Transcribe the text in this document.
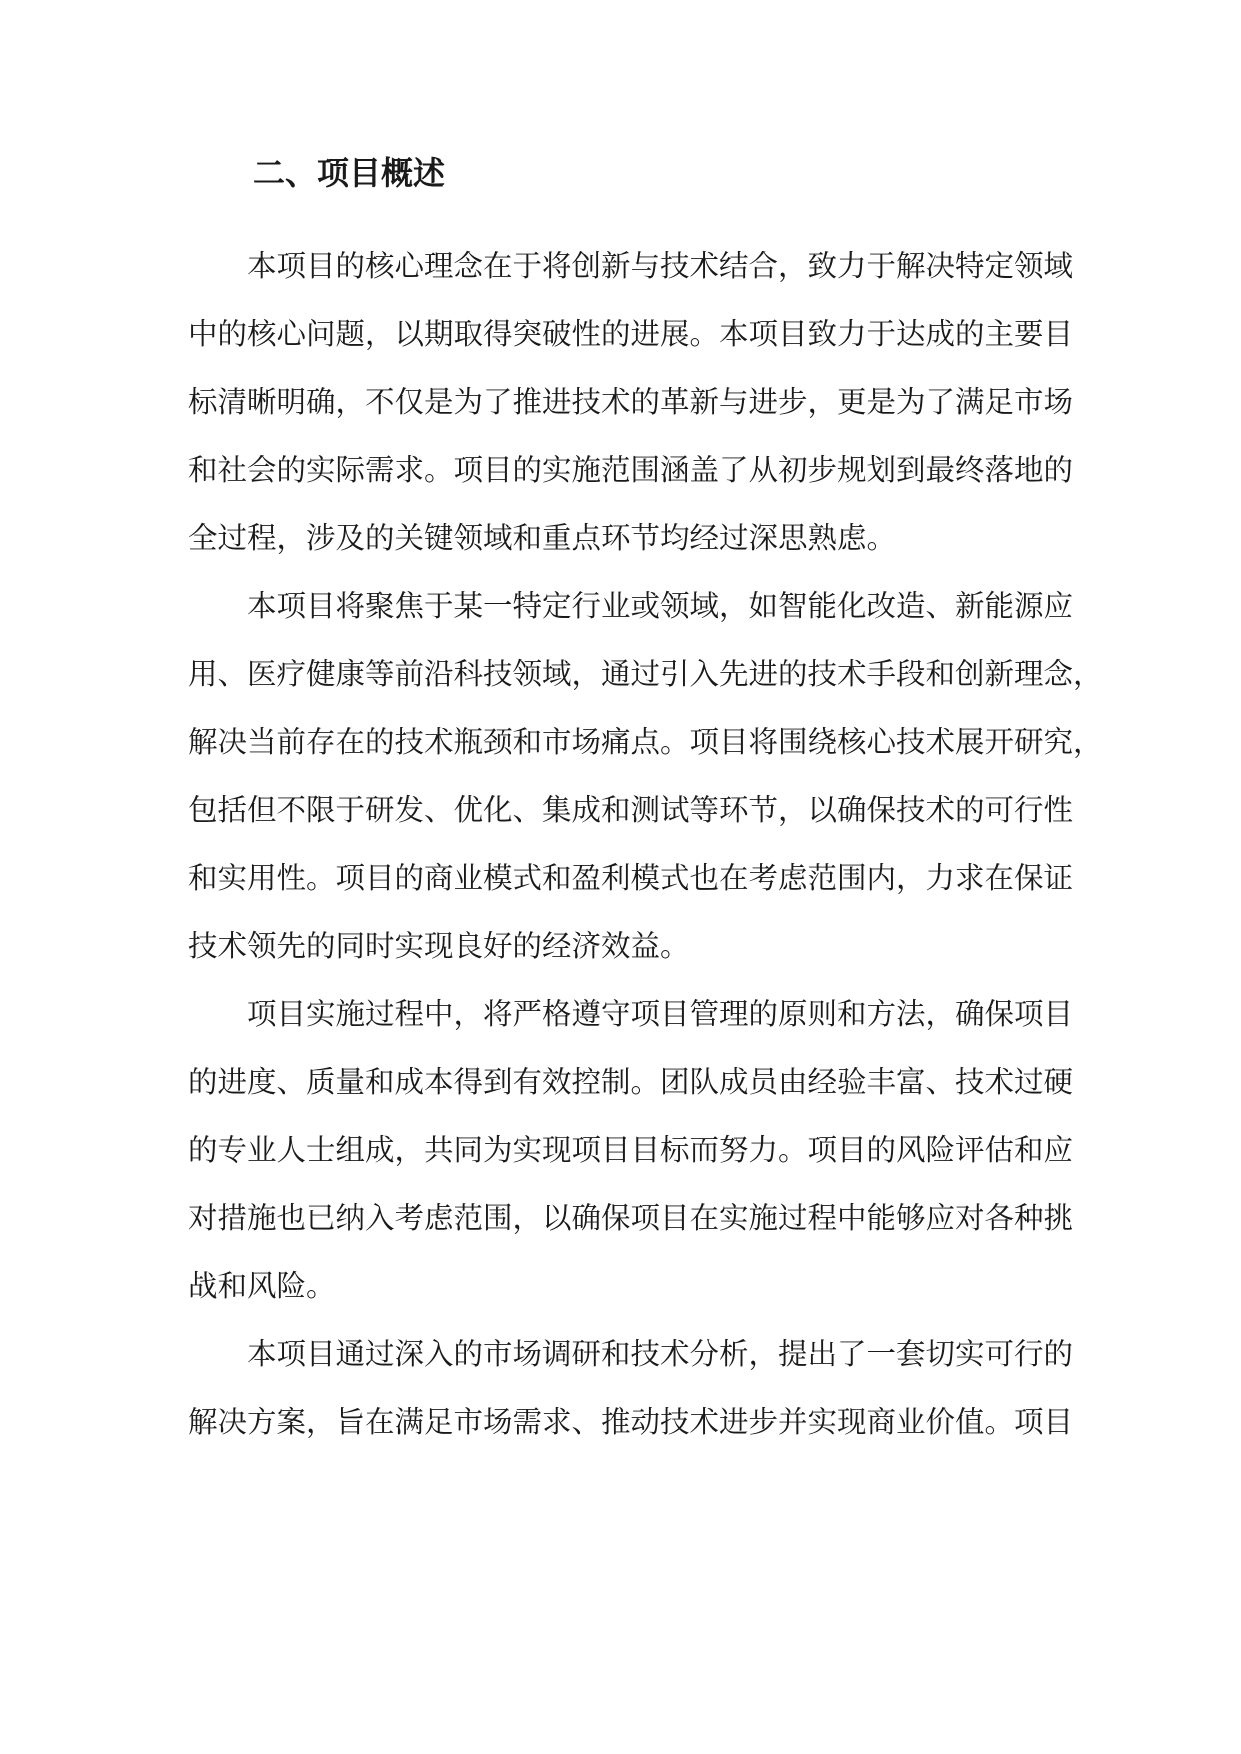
二、项目概述

本项目的核心理念在于将创新与技术结合，致力于解决特定领域
中的核心问题，以期取得突破性的进展。本项目致力于达成的主要目
标清晰明确，不仅是为了推进技术的革新与进步，更是为了满足市场
和社会的实际需求。项目的实施范围涵盖了从初步规划到最终落地的
全过程，涉及的关键领域和重点环节均经过深思熟虑。

本项目将聚焦于某一特定行业或领域，如智能化改造、新能源应
用、医疗健康等前沿科技领域，通过引入先进的技术手段和创新理念，
解决当前存在的技术瓶颈和市场痛点。项目将围绕核心技术展开研究，
包括但不限于研发、优化、集成和测试等环节，以确保技术的可行性
和实用性。项目的商业模式和盈利模式也在考虑范围内，力求在保证
技术领先的同时实现良好的经济效益。

项目实施过程中，将严格遵守项目管理的原则和方法，确保项目
的进度、质量和成本得到有效控制。团队成员由经验丰富、技术过硬
的专业人士组成，共同为实现项目目标而努力。项目的风险评估和应
对措施也已纳入考虑范围，以确保项目在实施过程中能够应对各种挑
战和风险。

本项目通过深入的市场调研和技术分析，提出了一套切实可行的
解决方案，旨在满足市场需求、推动技术进步并实现商业价值。项目
